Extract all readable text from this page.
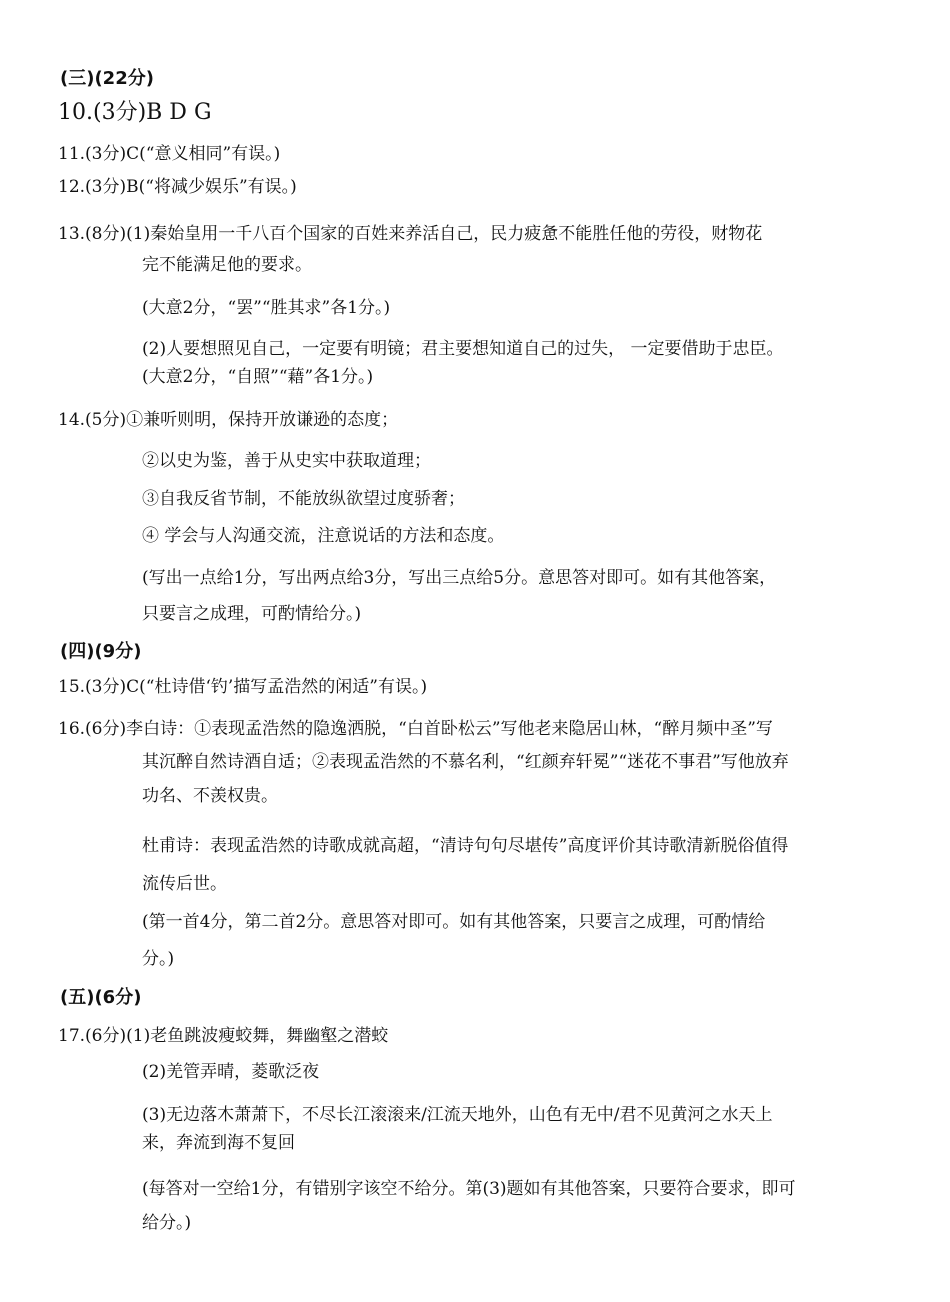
(三)(22分)
10.(3分)B D G
11.(3分)C(“意义相同”有误。)
12.(3分)B(“将减少娱乐”有误。)
13.(8分)(1)秦始皇用一千八百个国家的百姓来养活自己，民力疲惫不能胜任他的劳役，财物花
完不能满足他的要求。
(大意2分，“罢”“胜其求”各1分。)
(2)人要想照见自己，一定要有明镜；君主要想知道自己的过失， 一定要借助于忠臣。
(大意2分，“自照”“藉”各1分。)
14.(5分)①兼听则明，保持开放谦逊的态度；
②以史为鉴，善于从史实中获取道理；
③自我反省节制，不能放纵欲望过度骄奢；
④ 学会与人沟通交流，注意说话的方法和态度。
(写出一点给1分，写出两点给3分，写出三点给5分。意思答对即可。如有其他答案，
只要言之成理，可酌情给分。)
(四)(9分)
15.(3分)C(“杜诗借‘钓’描写孟浩然的闲适”有误。)
16.(6分)李白诗：①表现孟浩然的隐逸洒脱，“白首卧松云”写他老来隐居山林，“醉月频中圣”写
其沉醉自然诗酒自适；②表现孟浩然的不慕名利，“红颜弃轩冕”“迷花不事君”写他放弃
功名、不羡权贵。
杜甫诗：表现孟浩然的诗歌成就高超，“清诗句句尽堪传”高度评价其诗歌清新脱俗值得
流传后世。
(第一首4分，第二首2分。意思答对即可。如有其他答案，只要言之成理，可酌情给
分。)
(五)(6分)
17.(6分)(1)老鱼跳波瘦蛟舞，舞幽壑之潜蛟
(2)羌管弄晴，菱歌泛夜
(3)无边落木萧萧下，不尽长江滚滚来/江流天地外，山色有无中/君不见黄河之水天上
来，奔流到海不复回
(每答对一空给1分，有错别字该空不给分。第(3)题如有其他答案，只要符合要求，即可
给分。)
